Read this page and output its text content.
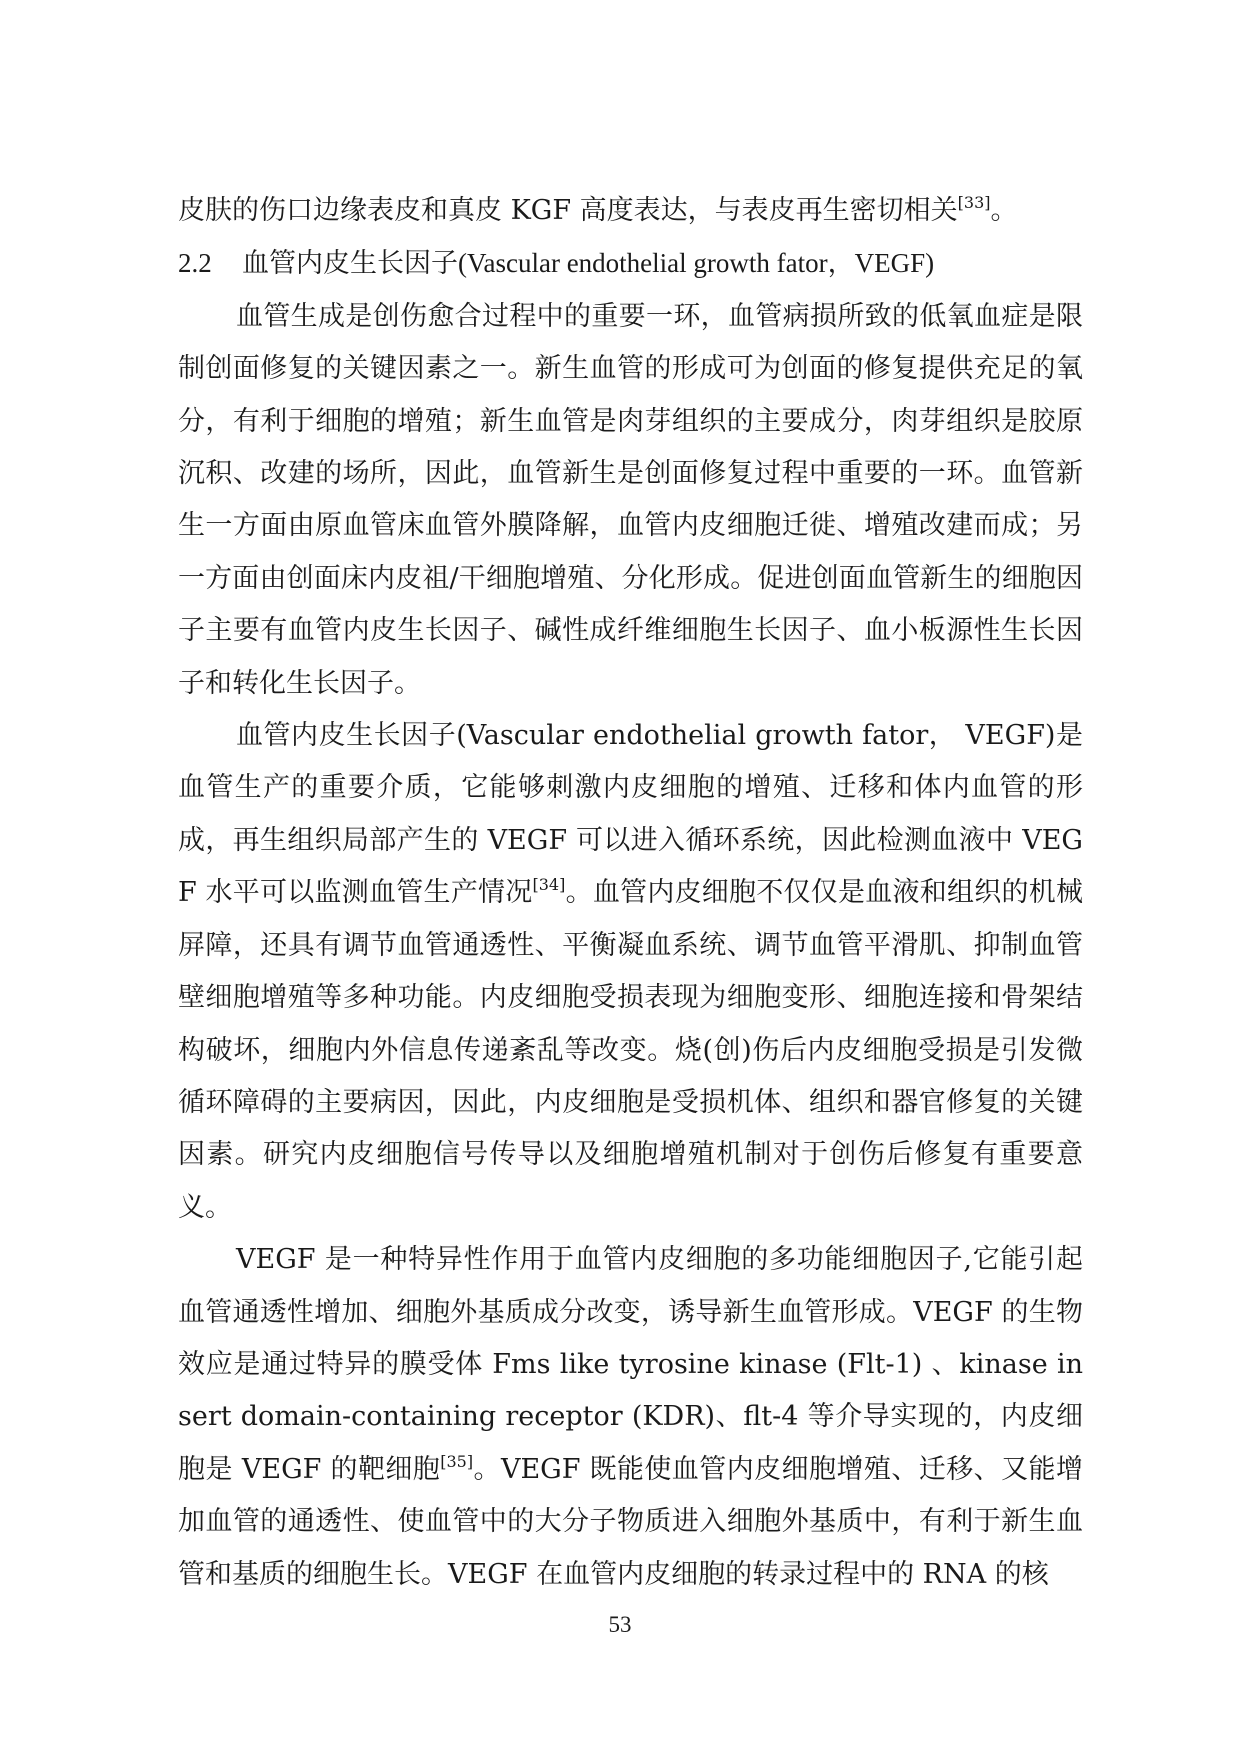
皮肤的伤口边缘表皮和真皮 KGF 高度表达，与表皮再生密切相关[33]。

2.2 血管内皮生长因子(Vascular endothelial growth fator，VEGF)

血管生成是创伤愈合过程中的重要一环，血管病损所致的低氧血症是限制创面修复的关键因素之一。新生血管的形成可为创面的修复提供充足的氧分，有利于细胞的增殖；新生血管是肉芽组织的主要成分，肉芽组织是胶原沉积、改建的场所，因此，血管新生是创面修复过程中重要的一环。血管新生一方面由原血管床血管外膜降解，血管内皮细胞迁徙、增殖改建而成；另一方面由创面床内皮祖/干细胞增殖、分化形成。促进创面血管新生的细胞因子主要有血管内皮生长因子、碱性成纤维细胞生长因子、血小板源性生长因子和转化生长因子。

血管内皮生长因子(Vascular endothelial growth fator， VEGF)是血管生产的重要介质，它能够刺激内皮细胞的增殖、迁移和体内血管的形成，再生组织局部产生的 VEGF 可以进入循环系统，因此检测血液中 VEGF 水平可以监测血管生产情况[34]。血管内皮细胞不仅仅是血液和组织的机械屏障，还具有调节血管通透性、平衡凝血系统、调节血管平滑肌、抑制血管壁细胞增殖等多种功能。内皮细胞受损表现为细胞变形、细胞连接和骨架结构破坏，细胞内外信息传递紊乱等改变。烧(创)伤后内皮细胞受损是引发微循环障碍的主要病因，因此，内皮细胞是受损机体、组织和器官修复的关键因素。研究内皮细胞信号传导以及细胞增殖机制对于创伤后修复有重要意义。

VEGF 是一种特异性作用于血管内皮细胞的多功能细胞因子,它能引起血管通透性增加、细胞外基质成分改变，诱导新生血管形成。VEGF 的生物效应是通过特异的膜受体 Fms like tyrosine kinase (Flt-1) 、kinase insert domain-containing receptor (KDR)、flt-4 等介导实现的，内皮细胞是 VEGF 的靶细胞[35]。VEGF 既能使血管内皮细胞增殖、迁移、又能增加血管的通透性、使血管中的大分子物质进入细胞外基质中，有利于新生血管和基质的细胞生长。VEGF 在血管内皮细胞的转录过程中的 RNA 的核

53
